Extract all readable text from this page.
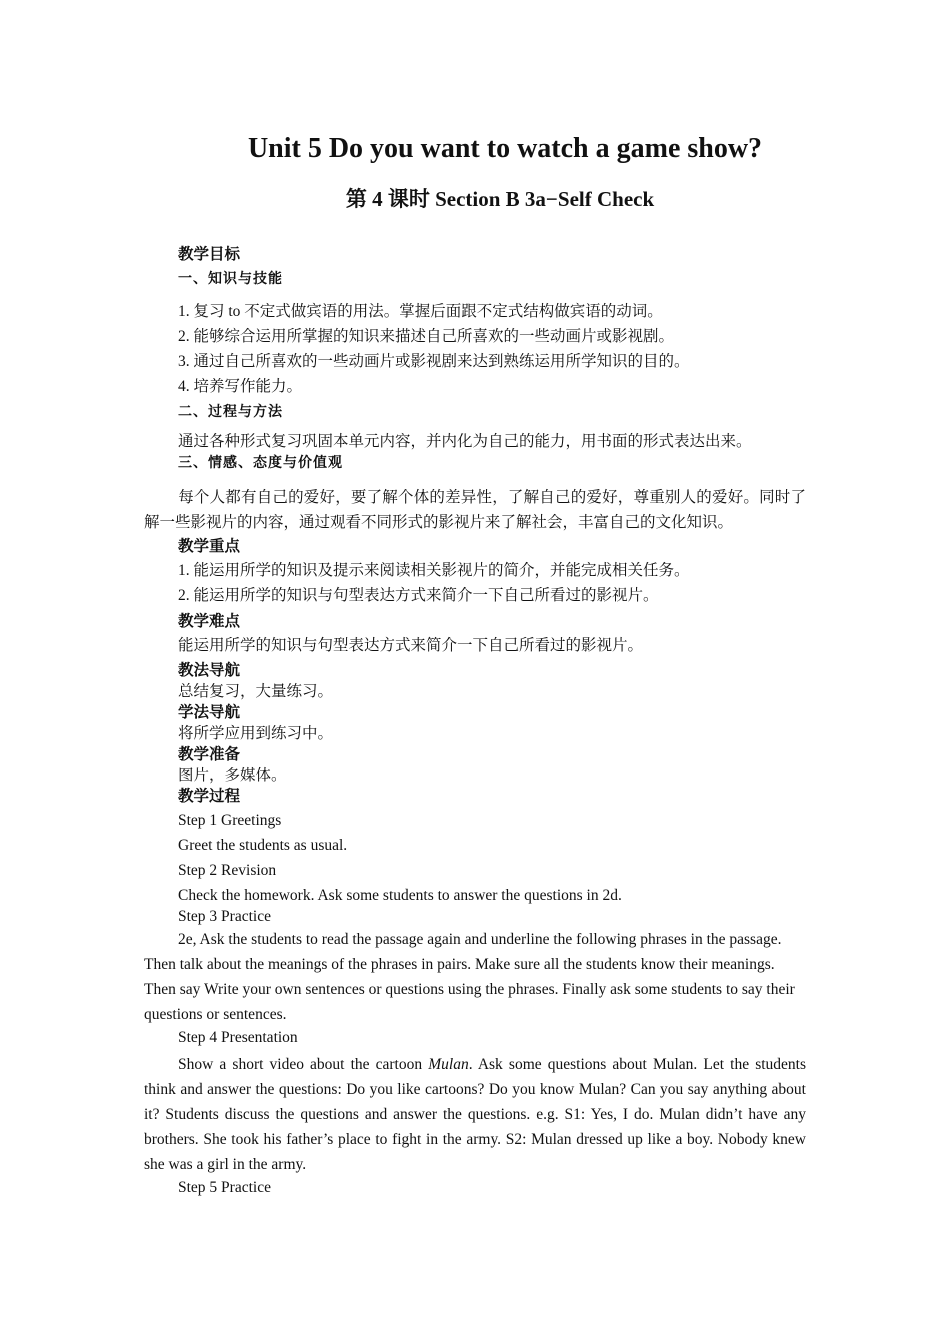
Unit 5 Do you want to watch a game show?
第 4 课时 Section B 3a−Self Check
教学目标
一、知识与技能
1. 复习 to 不定式做宾语的用法。掌握后面跟不定式结构做宾语的动词。
2. 能够综合运用所掌握的知识来描述自己所喜欢的一些动画片或影视剧。
3. 通过自己所喜欢的一些动画片或影视剧来达到熟练运用所学知识的目的。
4. 培养写作能力。
二、过程与方法
通过各种形式复习巩固本单元内容，并内化为自己的能力，用书面的形式表达出来。
三、情感、态度与价值观
每个人都有自己的爱好，要了解个体的差异性，了解自己的爱好，尊重别人的爱好。同时了解一些影视片的内容，通过观看不同形式的影视片来了解社会，丰富自己的文化知识。
教学重点
1. 能运用所学的知识及提示来阅读相关影视片的简介，并能完成相关任务。
2. 能运用所学的知识与句型表达方式来简介一下自己所看过的影视片。
教学难点
能运用所学的知识与句型表达方式来简介一下自己所看过的影视片。
教法导航
总结复习，大量练习。
学法导航
将所学应用到练习中。
教学准备
图片，多媒体。
教学过程
Step 1 Greetings
Greet the students as usual.
Step 2 Revision
Check the homework. Ask some students to answer the questions in 2d.
Step 3 Practice
2e, Ask the students to read the passage again and underline the following phrases in the passage. Then talk about the meanings of the phrases in pairs. Make sure all the students know their meanings. Then say Write your own sentences or questions using the phrases. Finally ask some students to say their questions or sentences.
Step 4 Presentation
Show a short video about the cartoon Mulan. Ask some questions about Mulan. Let the students think and answer the questions: Do you like cartoons? Do you know Mulan? Can you say anything about it? Students discuss the questions and answer the questions. e.g. S1: Yes, I do. Mulan didn’t have any brothers. She took his father’s place to fight in the army. S2: Mulan dressed up like a boy. Nobody knew she was a girl in the army.
Step 5 Practice
